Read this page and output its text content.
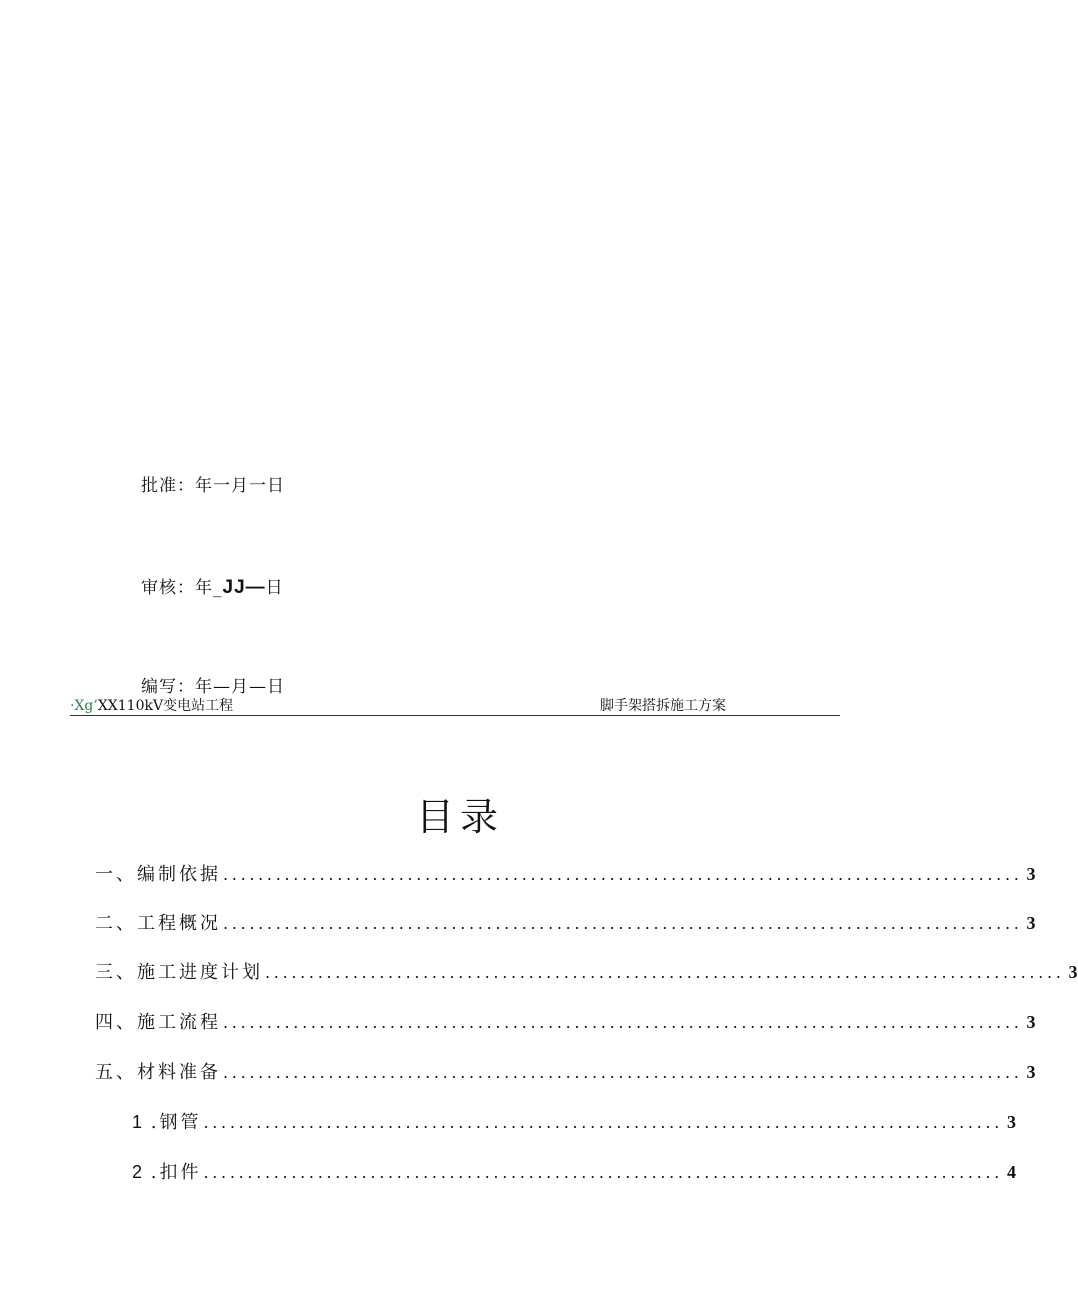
批准：年一月一日
审核：年_JJ—日
编写：年—月—日
·Xg’XX110kV变电站工程	脚手架搭拆施工方案
目录
一、编制依据 ........................................................................................... 3
二、工程概况 ........................................................................................... 3
三、施工进度计划 ........................................................................................... 3
四、施工流程 ........................................................................................... 3
五、材料准备 ........................................................................................... 3
1 .钢管 ........................................................................................... 3
2 .扣件 ........................................................................................... 4
